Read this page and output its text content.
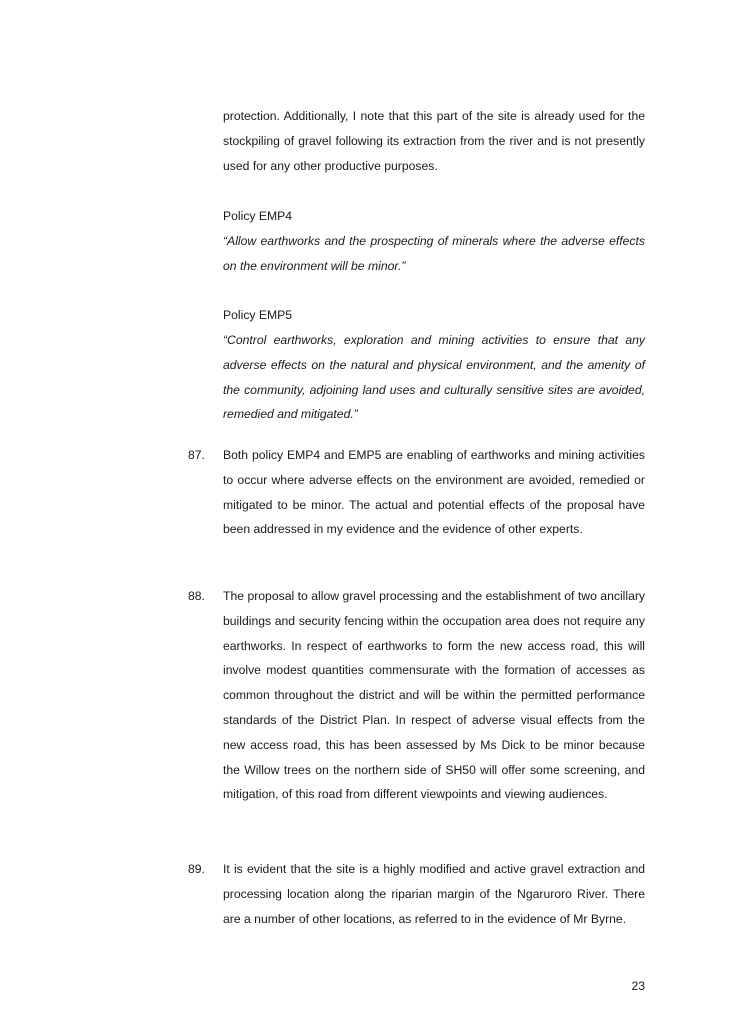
protection. Additionally, I note that this part of the site is already used for the stockpiling of gravel following its extraction from the river and is not presently used for any other productive purposes.

Policy EMP4

“Allow earthworks and the prospecting of minerals where the adverse effects on the environment will be minor.”

Policy EMP5

“Control earthworks, exploration and mining activities to ensure that any adverse effects on the natural and physical environment, and the amenity of the community, adjoining land uses and culturally sensitive sites are avoided, remedied and mitigated.”

87.	Both policy EMP4 and EMP5 are enabling of earthworks and mining activities to occur where adverse effects on the environment are avoided, remedied or mitigated to be minor. The actual and potential effects of the proposal have been addressed in my evidence and the evidence of other experts.

88.	The proposal to allow gravel processing and the establishment of two ancillary buildings and security fencing within the occupation area does not require any earthworks. In respect of earthworks to form the new access road, this will involve modest quantities commensurate with the formation of accesses as common throughout the district and will be within the permitted performance standards of the District Plan. In respect of adverse visual effects from the new access road, this has been assessed by Ms Dick to be minor because the Willow trees on the northern side of SH50 will offer some screening, and mitigation, of this road from different viewpoints and viewing audiences.

89.	It is evident that the site is a highly modified and active gravel extraction and processing location along the riparian margin of the Ngaruroro River. There are a number of other locations, as referred to in the evidence of Mr Byrne.

23
